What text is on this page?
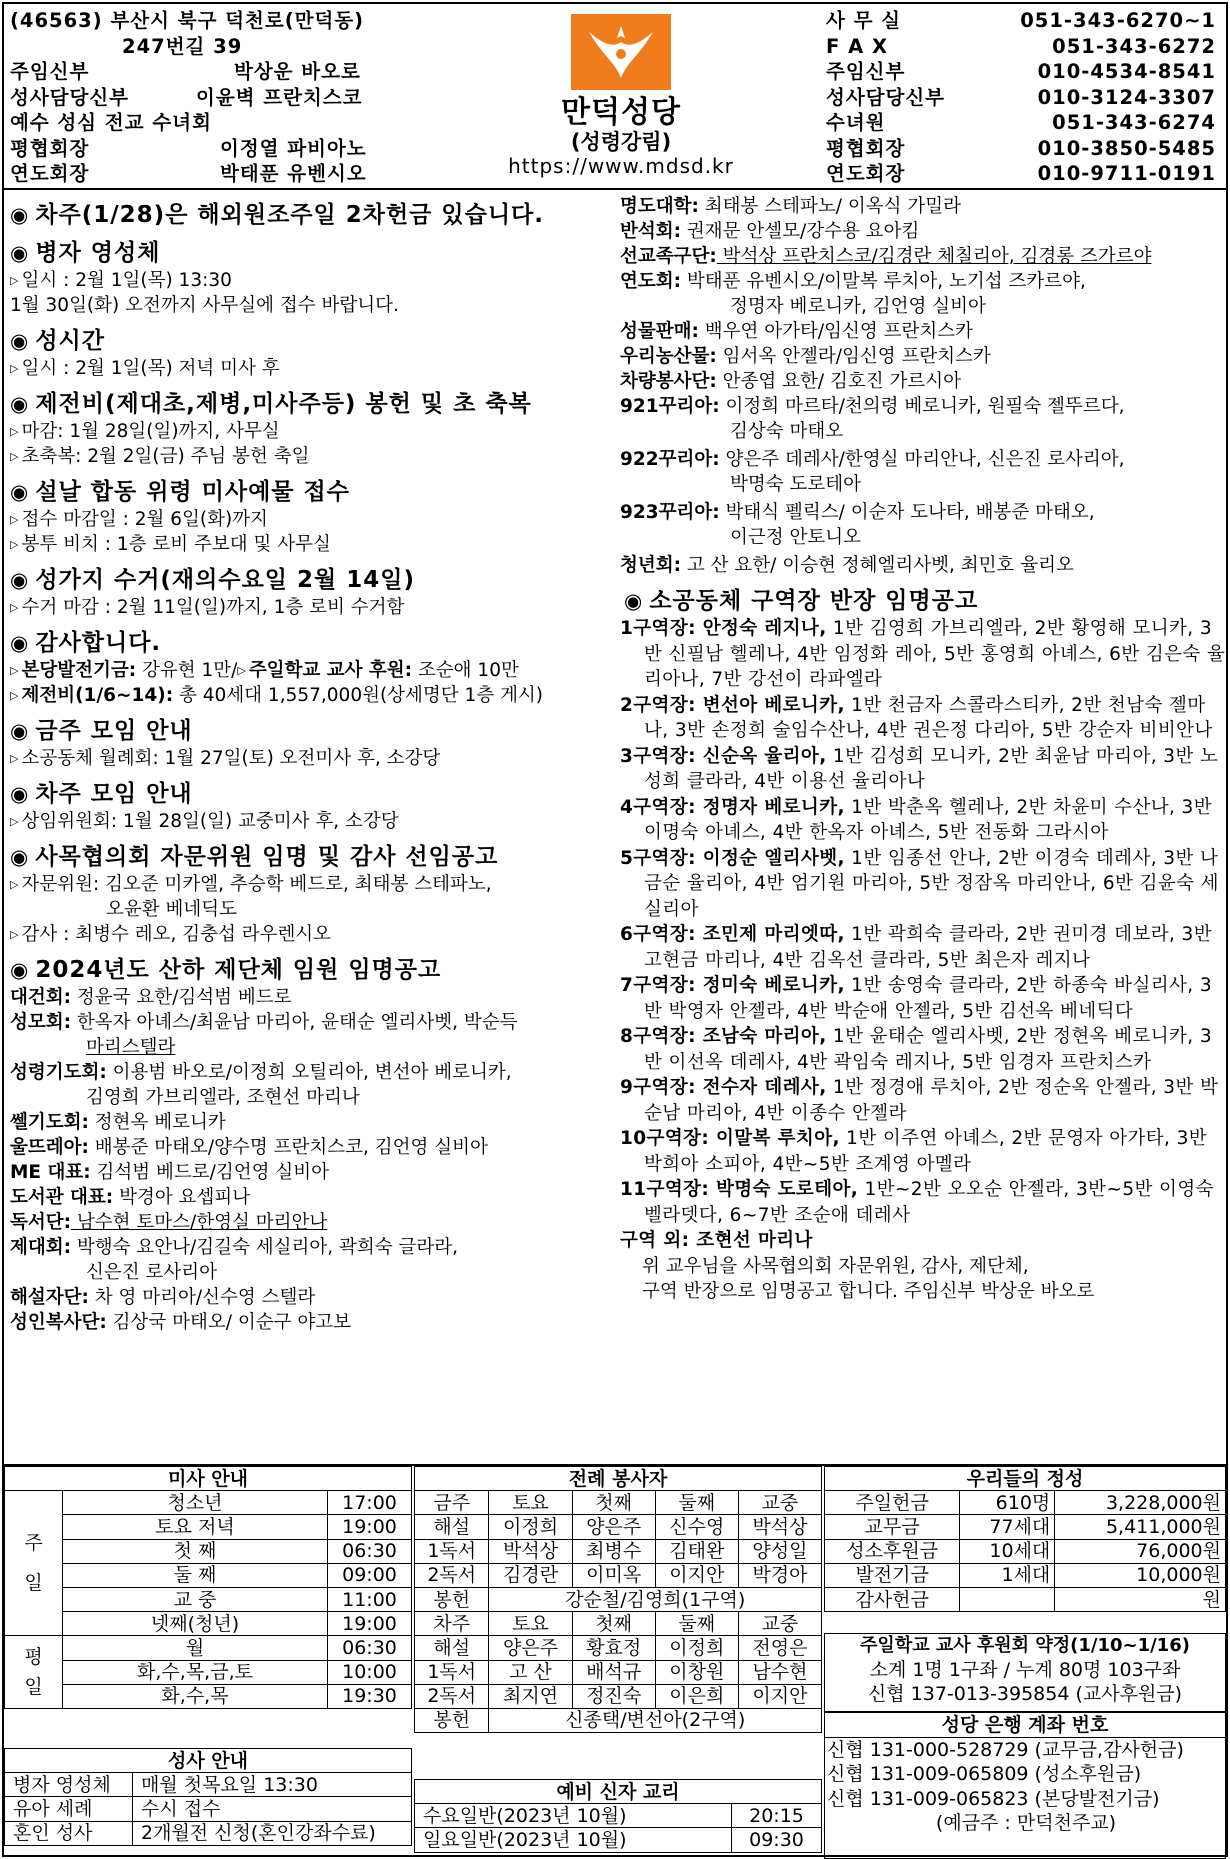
(46563) 부산시 북구 덕천로(만덕동)
247번길 39
주임신부	박상운 바오로
성사담당신부	이윤벽 프란치스코
예수 성심 전교 수녀회
평협회장	이정열 파비아노
연도회장	박태푼 유벤시오
만덕성당
(성령강림)
https://www.mdsd.kr
사 무 실	051-343-6270~1
F A X	051-343-6272
주임신부	010-4534-8541
성사담당신부	010-3124-3307
수녀원	051-343-6274
평협회장	010-3850-5485
연도회장	010-9711-0191
◉ 차주(1/28)은 해외원조주일 2차헌금 있습니다.
◉ 병자 영성체
▷ 일시 : 2월 1일(목) 13:30
1월 30일(화) 오전까지 사무실에 접수 바랍니다.
◉ 성시간
▷ 일시 : 2월 1일(목) 저녁 미사 후
◉ 제전비(제대초,제병,미사주등) 봉헌 및 초 축복
▷ 마감: 1월 28일(일)까지, 사무실
▷ 초축복: 2월 2일(금) 주님 봉헌 축일
◉ 설날 합동 위령 미사예물 접수
▷ 접수 마감일 : 2월 6일(화)까지
▷ 봉투 비치 : 1층 로비 주보대 및 사무실
◉ 성가지 수거(재의수요일 2월 14일)
▷ 수거 마감 : 2월 11일(일)까지, 1층 로비 수거함
◉ 감사합니다.
▷ 본당발전기금: 강유현 1만/▷ 주일학교 교사 후원: 조순애 10만
▷ 제전비(1/6~14): 총 40세대 1,557,000원(상세명단 1층 게시)
◉ 금주 모임 안내
▷ 소공동체 월례회: 1월 27일(토) 오전미사 후, 소강당
◉ 차주 모임 안내
▷ 상임위원회: 1월 28일(일) 교중미사 후, 소강당
◉ 사목협의회 자문위원 임명 및 감사 선임공고
▷ 자문위원: 김오준 미카엘, 추승학 베드로, 최태봉 스테파노,
오윤환 베네딕도
▷ 감사 : 최병수 레오, 김충섭 라우렌시오
◉ 2024년도 산하 제단체 임원 임명공고
대건회: 정윤국 요한/김석범 베드로
성모회: 한옥자 아녜스/최윤남 마리아, 윤태순 엘리사벳, 박순득
마리스텔라
성령기도회: 이용범 바오로/이정희 오틸리아, 변선아 베로니카,
김영희 가브리엘라, 조현선 마리나
쎌기도회: 정현옥 베로니카
울뜨레아: 배봉준 마태오/양수명 프란치스코, 김언영 실비아
ME 대표: 김석범 베드로/김언영 실비아
도서관 대표: 박경아 요셉피나
독서단: 남수현 토마스/한영실 마리안나
제대회: 박행숙 요안나/김길숙 세실리아, 곽희숙 글라라,
신은진 로사리아
해설자단: 차 영 마리아/신수영 스텔라
성인복사단: 김상국 마태오/ 이순구 야고보
명도대학: 최태봉 스테파노/ 이옥식 가밀라
반석회: 권재문 안셀모/강수용 요아킴
선교족구단: 박석상 프란치스코/김경란 체칠리아, 김경롱 즈가르야
연도회: 박태푼 유벤시오/이말복 루치아, 노기섭 즈카르야,
정명자 베로니카, 김언영 실비아
성물판매: 백우연 아가타/임신영 프란치스카
우리농산물: 임서옥 안젤라/임신영 프란치스카
차량봉사단: 안종엽 요한/ 김호진 가르시아
921꾸리아: 이정희 마르타/천의령 베로니카, 원필숙 젤뚜르다,
김상숙 마태오
922꾸리아: 양은주 데레사/한영실 마리안나, 신은진 로사리아,
박명숙 도로테아
923꾸리아: 박태식 펠릭스/ 이순자 도나타, 배봉준 마태오,
이근정 안토니오
청년회: 고 산 요한/ 이승현 정혜엘리사벳, 최민호 율리오
◉ 소공동체 구역장 반장 임명공고
1구역장: 안정숙 레지나, 1반 김영희 가브리엘라, 2반 황영해 모니카, 3반 신필남 헬레나, 4반 임정화 레아, 5반 홍영희 아녜스, 6반 김은숙 율리아나, 7반 강선이 라파엘라
2구역장: 변선아 베로니카, 1반 천금자 스콜라스티카, 2반 천남숙 젤마나, 3반 손정희 술임수산나, 4반 권은정 다리아, 5반 강순자 비비안나
3구역장: 신순옥 율리아, 1반 김성희 모니카, 2반 최윤남 마리아, 3반 노성희 클라라, 4반 이용선 율리아나
4구역장: 정명자 베로니카, 1반 박춘옥 헬레나, 2반 차윤미 수산나, 3반 이명숙 아녜스, 4반 한옥자 아녜스, 5반 전동화 그라시아
5구역장: 이정순 엘리사벳, 1반 임종선 안나, 2반 이경숙 데레사, 3반 나금순 율리아, 4반 엄기원 마리아, 5반 정잠옥 마리안나, 6반 김윤숙 세실리아
6구역장: 조민제 마리엣따, 1반 곽희숙 클라라, 2반 권미경 데보라, 3반 고현금 마리나, 4반 김옥선 클라라, 5반 최은자 레지나
7구역장: 정미숙 베로니카, 1반 송영숙 클라라, 2반 하종숙 바실리사, 3반 박영자 안젤라, 4반 박순애 안젤라, 5반 김선옥 베네딕다
8구역장: 조남숙 마리아, 1반 윤태순 엘리사벳, 2반 정현옥 베로니카, 3반 이선옥 데레사, 4반 곽임숙 레지나, 5반 임경자 프란치스카
9구역장: 전수자 데레사, 1반 정경애 루치아, 2반 정순옥 안젤라, 3반 박순남 마리아, 4반 이종수 안젤라
10구역장: 이말복 루치아, 1반 이주연 아녜스, 2반 문영자 아가타, 3반 박희아 소피아, 4반~5반 조계영 아멜라
11구역장: 박명숙 도로테아, 1반~2반 오오순 안젤라, 3반~5반 이영숙 벨라뎃다, 6~7반 조순애 데레사
구역 외: 조현선 마리나
위 교우님을 사목협의회 자문위원, 감사, 제단체,
구역 반장으로 임명공고 합니다. 주임신부 박상운 바오로
미사 안내		
주일	청소년	17:00
	토요 저녁	19:00
	첫 째	06:30
	둘 째	09:00
	교 중	11:00
	넷째(청년)	19:00
평일	월	06:30
	화,수,목,금,토	10:00
	화,수,목	19:30
성사 안내	
병자 영성체	매월 첫목요일 13:30
유아 세례	수시 접수
혼인 성사	2개월전 신청(혼인강좌수료)
전례 봉사자				
금주	토요	첫째	둘째	교중
해설	이정희	양은주	신수영	박석상
1독서	박석상	최병수	김태완	양성일
2독서	김경란	이미옥	이지안	박경아
봉헌	강순철/김영희(1구역)			
차주	토요	첫째	둘째	교중
해설	양은주	황효정	이정희	전영은
1독서	고 산	배석규	이창원	남수현
2독서	최지연	정진숙	이은희	이지안
봉헌	신종택/변선아(2구역)			
예비 신자 교리	
수요일반(2023년 10월)	20:15
일요일반(2023년 10월)	09:30
우리들의 정성		
주일헌금	610명	3,228,000원
교무금	77세대	5,411,000원
성소후원금	10세대	76,000원
발전기금	1세대	10,000원
감사헌금		원
주일학교 교사 후원회 약정(1/10~1/16)
소계 1명 1구좌 / 누계 80명 103구좌
신협 137-013-395854 (교사후원금)
성당 은행 계좌 번호
신협 131-000-528729 (교무금,감사헌금)
신협 131-009-065809 (성소후원금)
신협 131-009-065823 (본당발전기금)
(예금주 : 만덕천주교)
